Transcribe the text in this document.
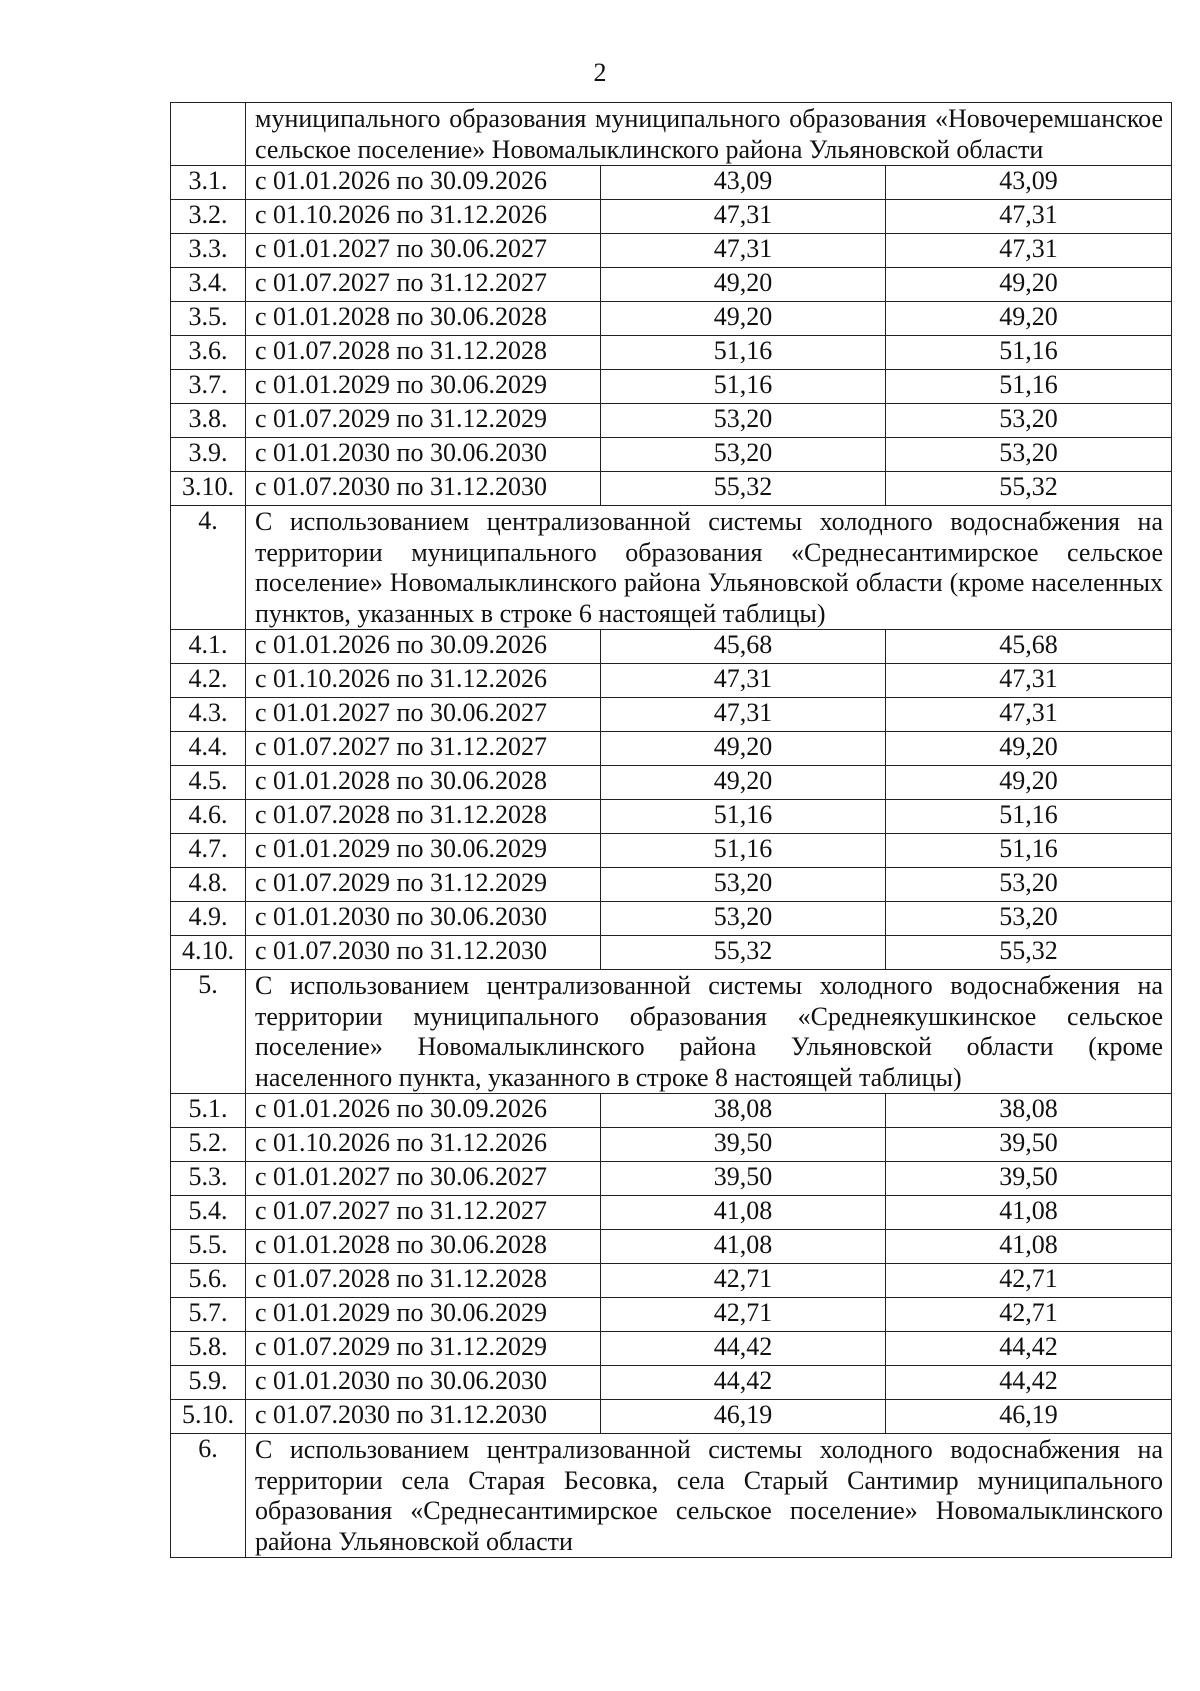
2
	муниципального образования муниципального образования «Новочеремшанское сельское поселение» Новомалыклинского района Ульяновской области		
3.1.	с 01.01.2026 по 30.09.2026	43,09	43,09
3.2.	с 01.10.2026 по 31.12.2026	47,31	47,31
3.3.	с 01.01.2027 по 30.06.2027	47,31	47,31
3.4.	с 01.07.2027 по 31.12.2027	49,20	49,20
3.5.	с 01.01.2028 по 30.06.2028	49,20	49,20
3.6.	с 01.07.2028 по 31.12.2028	51,16	51,16
3.7.	с 01.01.2029 по 30.06.2029	51,16	51,16
3.8.	с 01.07.2029 по 31.12.2029	53,20	53,20
3.9.	с 01.01.2030 по 30.06.2030	53,20	53,20
3.10.	с 01.07.2030 по 31.12.2030	55,32	55,32
4.	С использованием централизованной системы холодного водоснабжения на территории муниципального образования «Среднесантимирское сельское поселение» Новомалыклинского района Ульяновской области (кроме населенных пунктов, указанных в строке 6 настоящей таблицы)		
4.1.	с 01.01.2026 по 30.09.2026	45,68	45,68
4.2.	с 01.10.2026 по 31.12.2026	47,31	47,31
4.3.	с 01.01.2027 по 30.06.2027	47,31	47,31
4.4.	с 01.07.2027 по 31.12.2027	49,20	49,20
4.5.	с 01.01.2028 по 30.06.2028	49,20	49,20
4.6.	с 01.07.2028 по 31.12.2028	51,16	51,16
4.7.	с 01.01.2029 по 30.06.2029	51,16	51,16
4.8.	с 01.07.2029 по 31.12.2029	53,20	53,20
4.9.	с 01.01.2030 по 30.06.2030	53,20	53,20
4.10.	с 01.07.2030 по 31.12.2030	55,32	55,32
5.	С использованием централизованной системы холодного водоснабжения на территории муниципального образования «Среднеякушкинское сельское поселение» Новомалыклинского района Ульяновской области (кроме населенного пункта, указанного в строке 8 настоящей таблицы)		
5.1.	с 01.01.2026 по 30.09.2026	38,08	38,08
5.2.	с 01.10.2026 по 31.12.2026	39,50	39,50
5.3.	с 01.01.2027 по 30.06.2027	39,50	39,50
5.4.	с 01.07.2027 по 31.12.2027	41,08	41,08
5.5.	с 01.01.2028 по 30.06.2028	41,08	41,08
5.6.	с 01.07.2028 по 31.12.2028	42,71	42,71
5.7.	с 01.01.2029 по 30.06.2029	42,71	42,71
5.8.	с 01.07.2029 по 31.12.2029	44,42	44,42
5.9.	с 01.01.2030 по 30.06.2030	44,42	44,42
5.10.	с 01.07.2030 по 31.12.2030	46,19	46,19
6.	С использованием централизованной системы холодного водоснабжения на территории села Старая Бесовка, села Старый Сантимир муниципального образования «Среднесантимирское сельское поселение» Новомалыклинского района Ульяновской области		
